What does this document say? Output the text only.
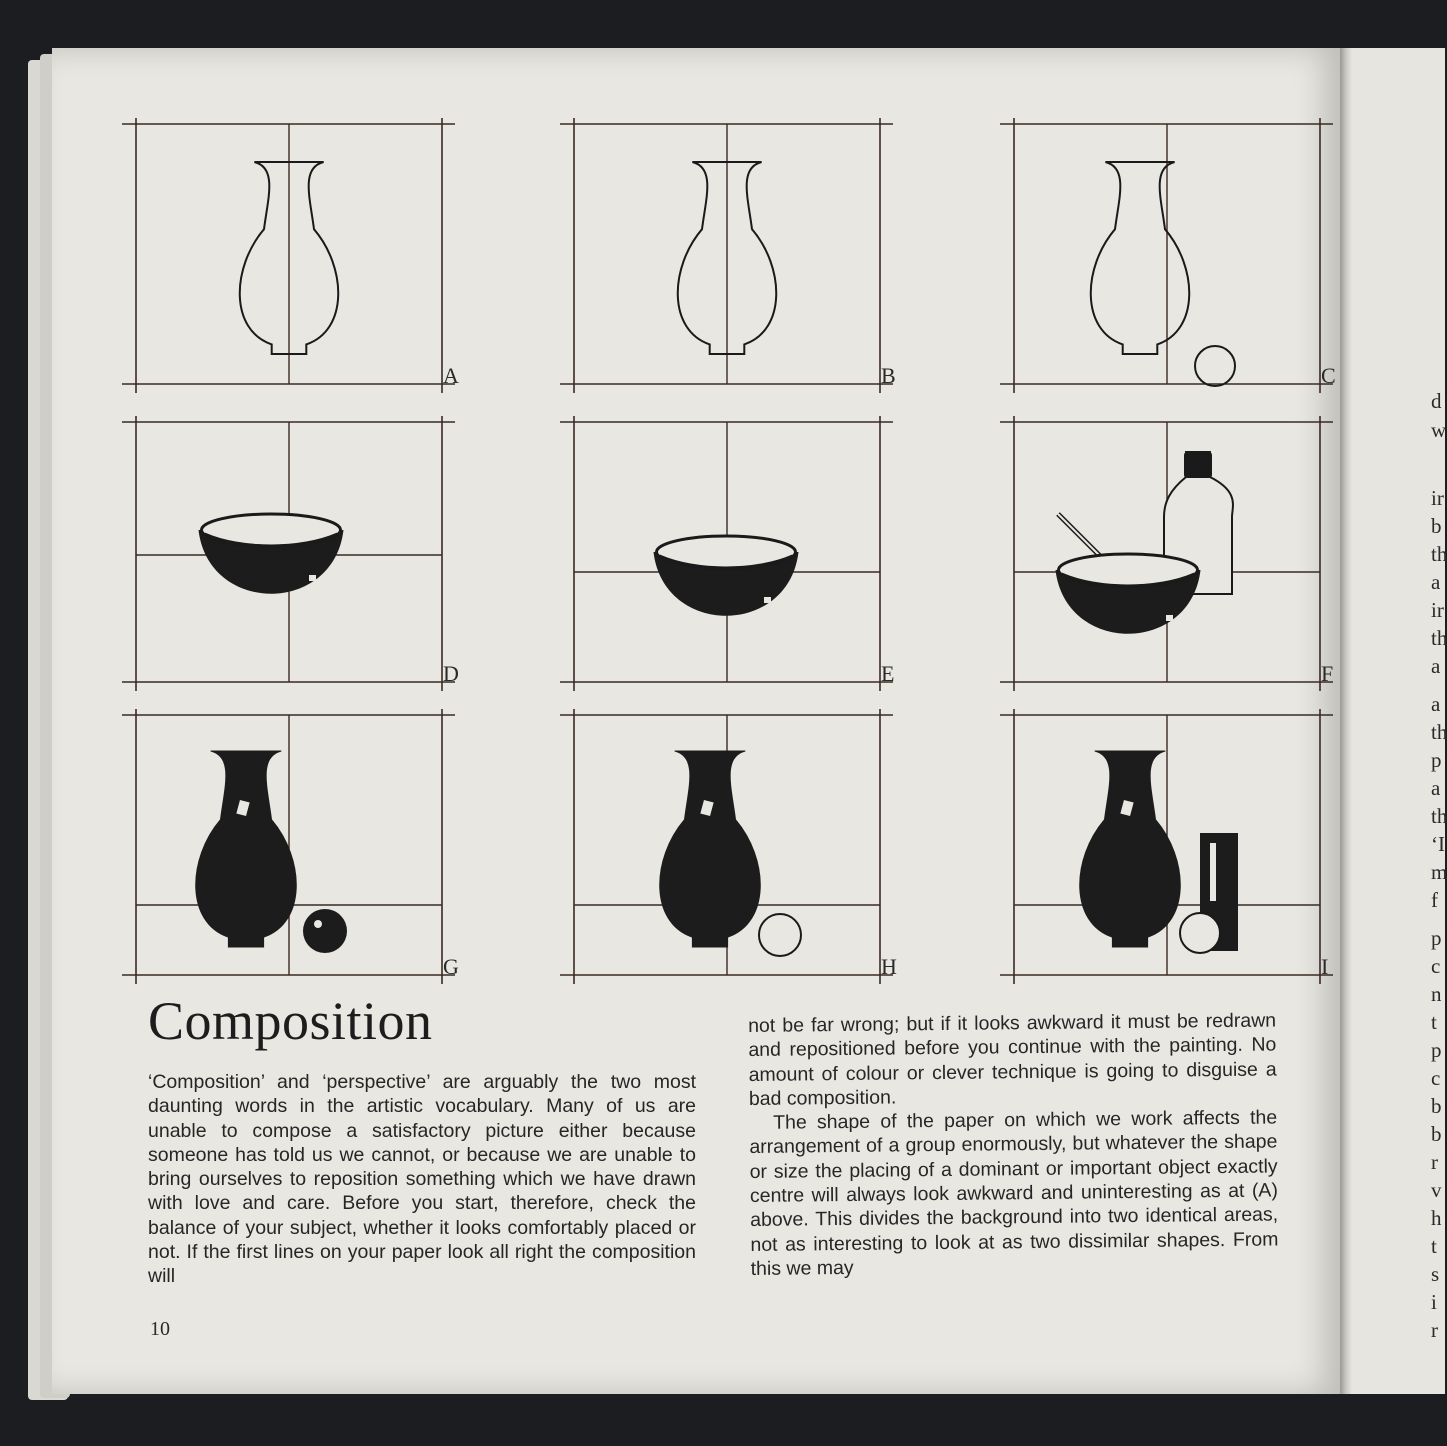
d
w
ir
b
th
a
ir
th
a
a
th
p
a
th
‘I
m
f
p
c
n
t
p
c
b
b
r
v
h
t
s
i
r
A	B	C
D	E	F
G	H	I
Composition

‘Composition’ and ‘perspective’ are arguably the two most daunting words in the artistic vocabulary. Many of us are unable to compose a satisfactory picture either because someone has told us we cannot, or because we are unable to bring ourselves to reposition something which we have drawn with love and care. Before you start, therefore, check the balance of your subject, whether it looks comfortably placed or not. If the first lines on your paper look all right the composition will

not be far wrong; but if it looks awkward it must be redrawn and repositioned before you continue with the painting. No amount of colour or clever technique is going to disguise a bad composition.

The shape of the paper on which we work affects the arrangement of a group enormously, but whatever the shape or size the placing of a dominant or important object exactly centre will always look awkward and uninteresting as at (A) above. This divides the background into two identical areas, not as interesting to look at as two dissimilar shapes. From this we may

10
